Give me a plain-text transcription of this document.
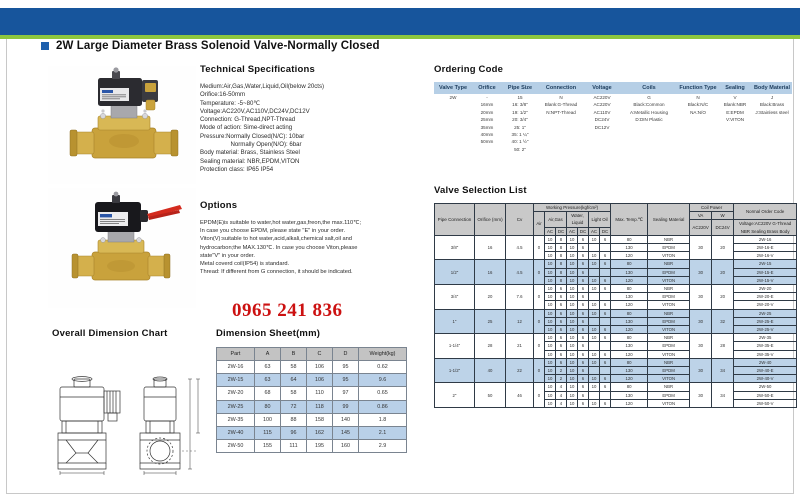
2W Large Diameter Brass Solenoid Valve-Normally Closed
Technical Specifications
Medium:Air,Gas,Water,Liquid,Oil(below 20cts)
Orifice:16-50mm
Temperature: -5~80℃
Voltage:AC220V,AC110V,DC24V,DC12V
Connection: G-Thread,NPT-Thread
Mode of action: Sime-direct acting
Pressure:Normally Closed(N/C): 10bar
Normally Open(N/O): 6bar
Body material: Brass, Stainless Steel
Sealing material: NBR,EPDM,VITON
Protection class: IP65 IP54
Options
EPDM(E)is suitable to water,hot water,gas,freon,the max.110℃;
In case you choose EPDM, please state "E" in your order.
Viton(V):suitable to hot water,acid,alkali,chemical salt,oil and
hydrocarbon;the MAX.130℃. In case you choose Viton,please
state"V" in your order.
Metal coverd coil(IP54) is standard.
Thread: If different from G connection, it should be indicated.
Ordering Code
Valve Type	Orifice	Pipe Size	Connection	Voltage	Coils	Function Type	Sealing	Body Material

2W	-	15	N	AC220V	G	N	V	J

	16mm	16: 3/8"	Blank:G-Thread	AC220V	Black:Common	Black:N/C	Blank:NBR	Black:Brass

	20mm	19: 1/2"	N:NPT-Thread	AC110V	A:Metallic Housing	NA:N/O	E:EPDM	J:Stainless steel

	25mm	20: 3/4"		DC24V	D:DIN Plastic		V:VITON	

	35mm	25: 1"		DC12V				

	40mm	35: 1 ¼"						

	50mm	40: 1 ½"						

		50: 2"						

Valve Selection List
Pipe Connection	Orifice (mm)	Cv	Working Pressure(kgf/cm²)							Max. Temp.℃	Sealing Material	Coil Power		Normal Order Code
			Air	Air,Gas		Water, Liquid		Light Oil				VA	W	
												AC220V	DC24V	Voltage:AC220V G-Thread NBR Sealing Brass Body

				AC	DC	AC	DC	AC	DC					
3/8"	16	4.5	0	10	8	10	6	10	6	80	NBR	30	20	2W-16
				10	8	10	6			130	EPDM			2W-16-E
				10	8	10	6	10	6	120	VITON			2W-16-V
1/2"	16	4.5	0	10	8	10	6	10	6	80	NBR	30	20	2W-15
				10	8	10	6			130	EPDM			2W-15-E
				10	8	10	6	10	6	120	VITON			2W-15-V
3/4"	20	7.6	0	10	6	10	6	10	6	80	NBR	30	20	2W-20
				10	6	10	6			130	EPDM			2W-20-E
				10	6	10	6	10	6	120	VITON			2W-20-V
1"	25	12	0	10	6	10	6	10	6	80	NBR	30	32	2W-25
				10	6	10	6			130	EPDM			2W-25-E
				10	6	10	6	10	6	120	VITON			2W-25-V
1-1/4"	28	21	0	10	6	10	6	10	6	80	NBR	30	28	2W-35
				10	6	10	6			130	EPDM			2W-35-E
				10	6	10	6	10	6	120	VITON			2W-35-V
1-1/2"	40	22	0	10	6	10	6	10	6	80	NBR	30	34	2W-40
				10	2	10	6			130	EPDM			2W-40-E
				10	2	10	6	10	6	120	VITON			2W-40-V
2"	50	46	0	10	4	10	6	10	6	80	NBR	30	34	2W-50
				10	4	10	6			130	EPDM			2W-50-E
				10	4	10	6	10	6	120	VITON			2W-50-V
Overall Dimension Chart
0965 241 836
Dimension Sheet(mm)
Part	A	B	C	D	Weight(kg)
2W-16	63	58	106	95	0.62
2W-15	63	64	106	95	9.6
2W-20	68	58	110	97	0.65
2W-25	80	72	118	99	0.86
2W-35	100	88	158	140	1.8
2W-40	115	96	162	145	2.1
2W-50	155	111	195	160	2.9
